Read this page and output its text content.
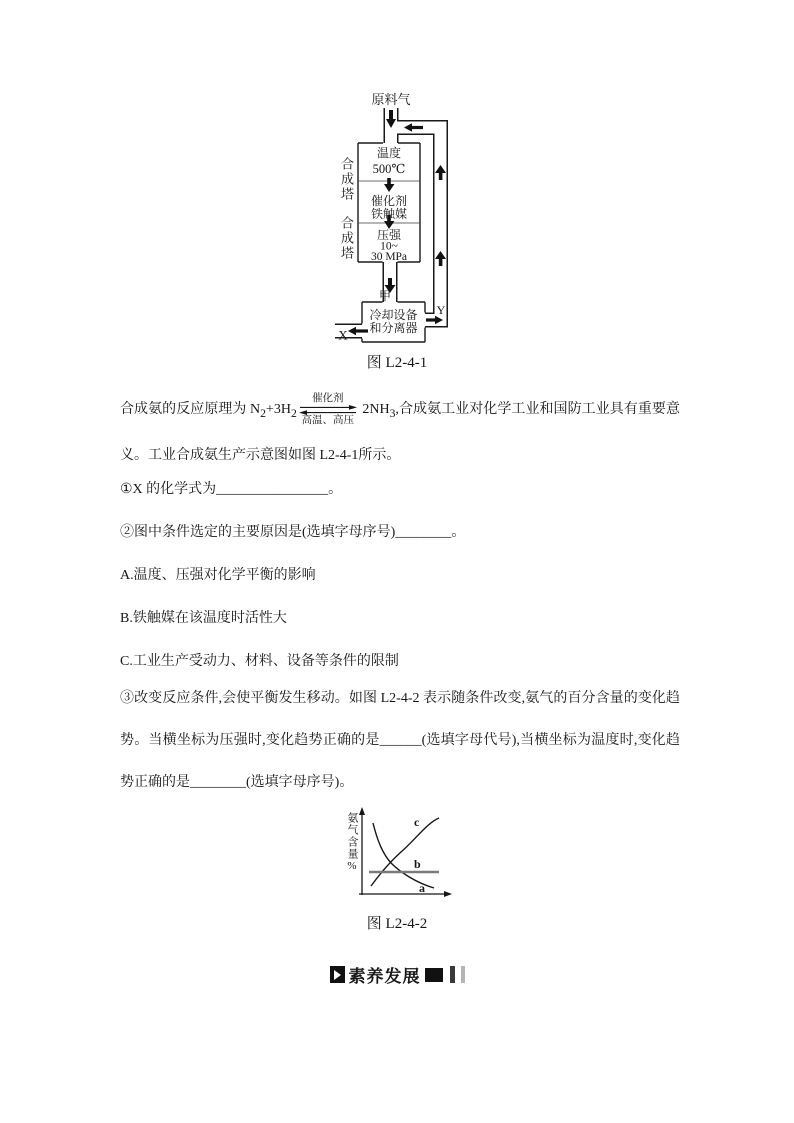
原料气
温度
500℃
催化剂
铁触媒
压强
10~
30 MPa
甲
冷却设备
和分离器
X
Y
合成塔
合成塔
图 L2-4-1
合成氨的反应原理为 $N_2+3H_2$
催化剂
高温、高压
$2NH_3$,合成氨工业对化学工业和国防工业具有重要意义。工业合成氨生产示意图如图 L2-4-1所示。
①X 的化学式为________________。
②图中条件选定的主要原因是(选填字母序号)________。
A.温度、压强对化学平衡的影响
B.铁触媒在该温度时活性大
C.工业生产受动力、材料、设备等条件的限制
③改变反应条件,会使平衡发生移动。如图 L2-4-2 表示随条件改变,氨气的百分含量的变化趋势。当横坐标为压强时,变化趋势正确的是______(选填字母代号),当横坐标为温度时,变化趋势正确的是________(选填字母序号)。
a
b
c
氨气含量%
图 L2-4-2
素养发展
